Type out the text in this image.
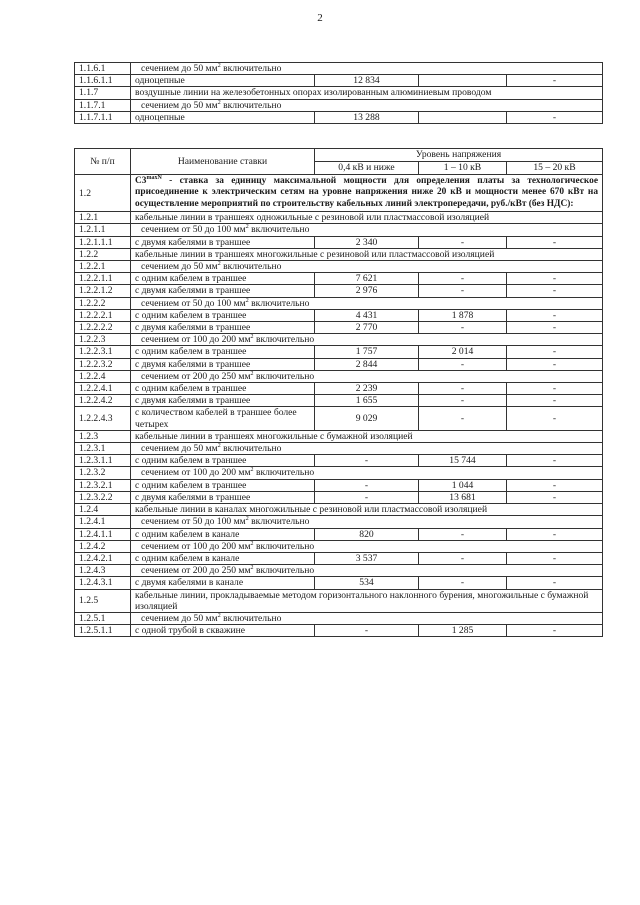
2
1.1.6.1	сечением до 50 $мм^2$ включительно			
1.1.6.1.1	одноцепные	12 834		-
1.1.7	воздушные линии на железобетонных опорах изолированным алюминиевым проводом			
1.1.7.1	сечением до 50 $мм^2$ включительно			
1.1.7.1.1	одноцепные	13 288		-
№ п/п	Наименование ставки	Уровень напряжения		
		0,4 кВ и ниже	1 – 10 кВ	15 – 20 кВ
1.2	$C3^{maxN}$ - ставка за единицу максимальной мощности для определения платы за технологическое присоединение к электрическим сетям на уровне напряжения ниже 20 кВ и мощности менее 670 кВт на осуществление мероприятий по строительству кабельных линий электропередачи, руб./кВт (без НДС):			
1.2.1	кабельные линии в траншеях одножильные с резиновой или пластмассовой изоляцией			
1.2.1.1	сечением от 50 до 100 $мм^2$ включительно			
1.2.1.1.1	с двумя кабелями в траншее	2 340	-	-
1.2.2	кабельные линии в траншеях многожильные с резиновой или пластмассовой изоляцией			
1.2.2.1	сечением до 50 $мм^2$ включительно			
1.2.2.1.1	с одним кабелем в траншее	7 621	-	-
1.2.2.1.2	с двумя кабелями в траншее	2 976	-	-
1.2.2.2	сечением от 50 до 100 $мм^2$ включительно			
1.2.2.2.1	с одним кабелем в траншее	4 431	1 878	-
1.2.2.2.2	с двумя кабелями в траншее	2 770	-	-
1.2.2.3	сечением от 100 до 200 $мм^2$ включительно			
1.2.2.3.1	с одним кабелем в траншее	1 757	2 014	-
1.2.2.3.2	с двумя кабелями в траншее	2 844	-	-
1.2.2.4	сечением от 200 до 250 $мм^2$ включительно			
1.2.2.4.1	с одним кабелем в траншее	2 239	-	-
1.2.2.4.2	с двумя кабелями в траншее	1 655	-	-
1.2.2.4.3	с количеством кабелей в траншее более четырех	9 029	-	-
1.2.3	кабельные линии в траншеях многожильные с бумажной изоляцией			
1.2.3.1	сечением до 50 $мм^2$ включительно			
1.2.3.1.1	с одним кабелем в траншее	-	15 744	-
1.2.3.2	сечением от 100 до 200 $мм^2$ включительно			
1.2.3.2.1	с одним кабелем в траншее	-	1 044	-
1.2.3.2.2	с двумя кабелями в траншее	-	13 681	-
1.2.4	кабельные линии в каналах многожильные с резиновой или пластмассовой изоляцией			
1.2.4.1	сечением от 50 до 100 $мм^2$ включительно			
1.2.4.1.1	с одним кабелем в канале	820	-	-
1.2.4.2	сечением от 100 до 200 $мм^2$ включительно			
1.2.4.2.1	с одним кабелем в канале	3 537	-	-
1.2.4.3	сечением от 200 до 250 $мм^2$ включительно			
1.2.4.3.1	с двумя кабелями в канале	534	-	-
1.2.5	кабельные линии, прокладываемые методом горизонтального наклонного бурения, многожильные с бумажной изоляцией			
1.2.5.1	сечением до 50 $мм^2$ включительно			
1.2.5.1.1	с одной трубой в скважине	-	1 285	-
